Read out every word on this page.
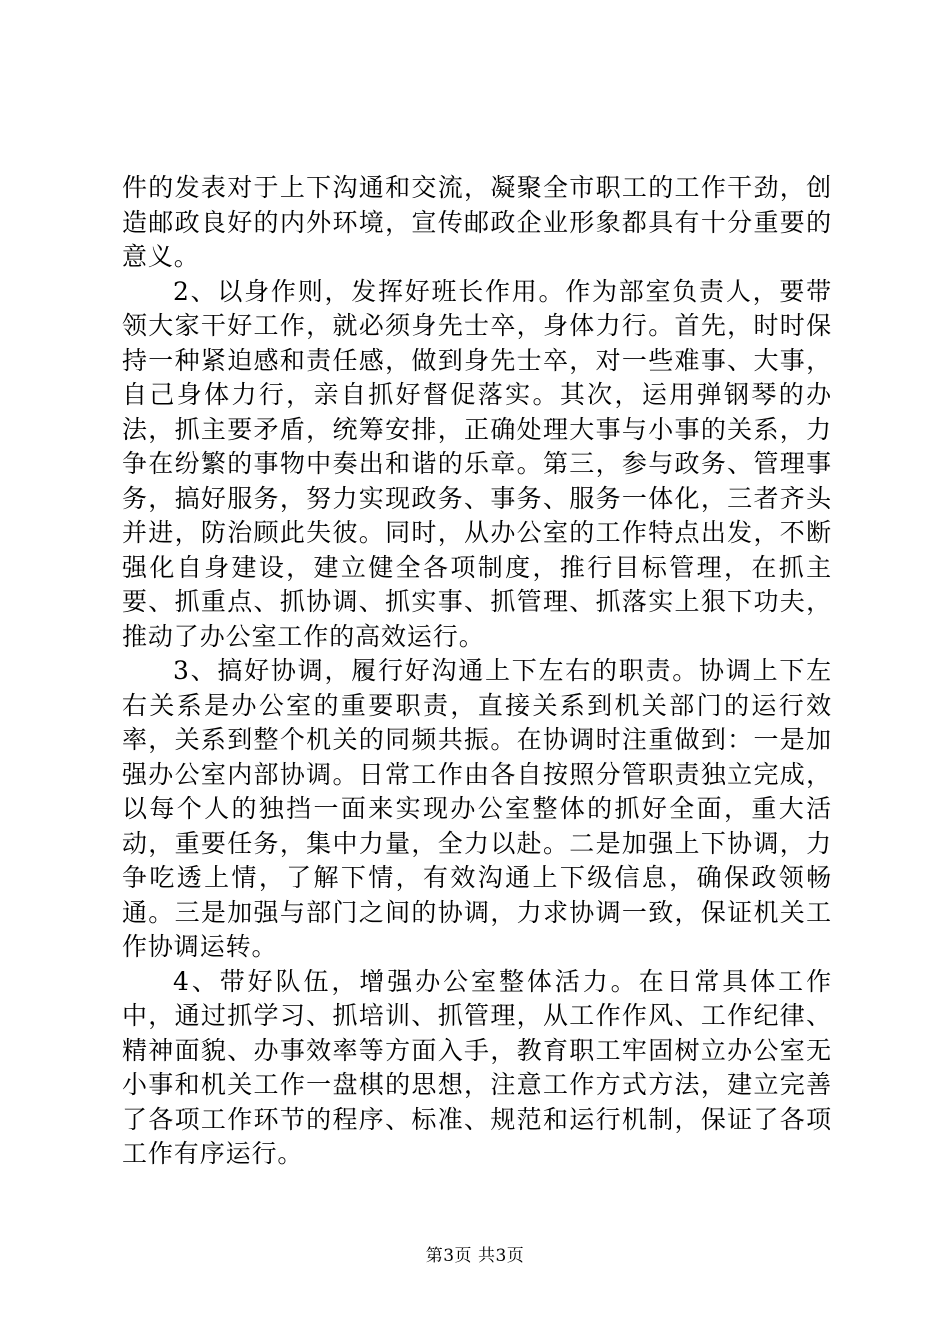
件的发表对于上下沟通和交流，凝聚全市职工的工作干劲，创造邮政良好的内外环境，宣传邮政企业形象都具有十分重要的意义。

2、以身作则，发挥好班长作用。作为部室负责人，要带领大家干好工作，就必须身先士卒，身体力行。首先，时时保持一种紧迫感和责任感，做到身先士卒，对一些难事、大事，自己身体力行，亲自抓好督促落实。其次，运用弹钢琴的办法，抓主要矛盾，统筹安排，正确处理大事与小事的关系，力争在纷繁的事物中奏出和谐的乐章。第三，参与政务、管理事务，搞好服务，努力实现政务、事务、服务一体化，三者齐头并进，防治顾此失彼。同时，从办公室的工作特点出发，不断强化自身建设，建立健全各项制度，推行目标管理，在抓主要、抓重点、抓协调、抓实事、抓管理、抓落实上狠下功夫，推动了办公室工作的高效运行。

3、搞好协调，履行好沟通上下左右的职责。协调上下左右关系是办公室的重要职责，直接关系到机关部门的运行效率，关系到整个机关的同频共振。在协调时注重做到：一是加强办公室内部协调。日常工作由各自按照分管职责独立完成，以每个人的独挡一面来实现办公室整体的抓好全面，重大活动，重要任务，集中力量，全力以赴。二是加强上下协调，力争吃透上情，了解下情，有效沟通上下级信息，确保政领畅通。三是加强与部门之间的协调，力求协调一致，保证机关工作协调运转。

4、带好队伍，增强办公室整体活力。在日常具体工作中，通过抓学习、抓培训、抓管理，从工作作风、工作纪律、精神面貌、办事效率等方面入手，教育职工牢固树立办公室无小事和机关工作一盘棋的思想，注意工作方式方法，建立完善了各项工作环节的程序、标准、规范和运行机制，保证了各项工作有序运行。

第3页 共3页
